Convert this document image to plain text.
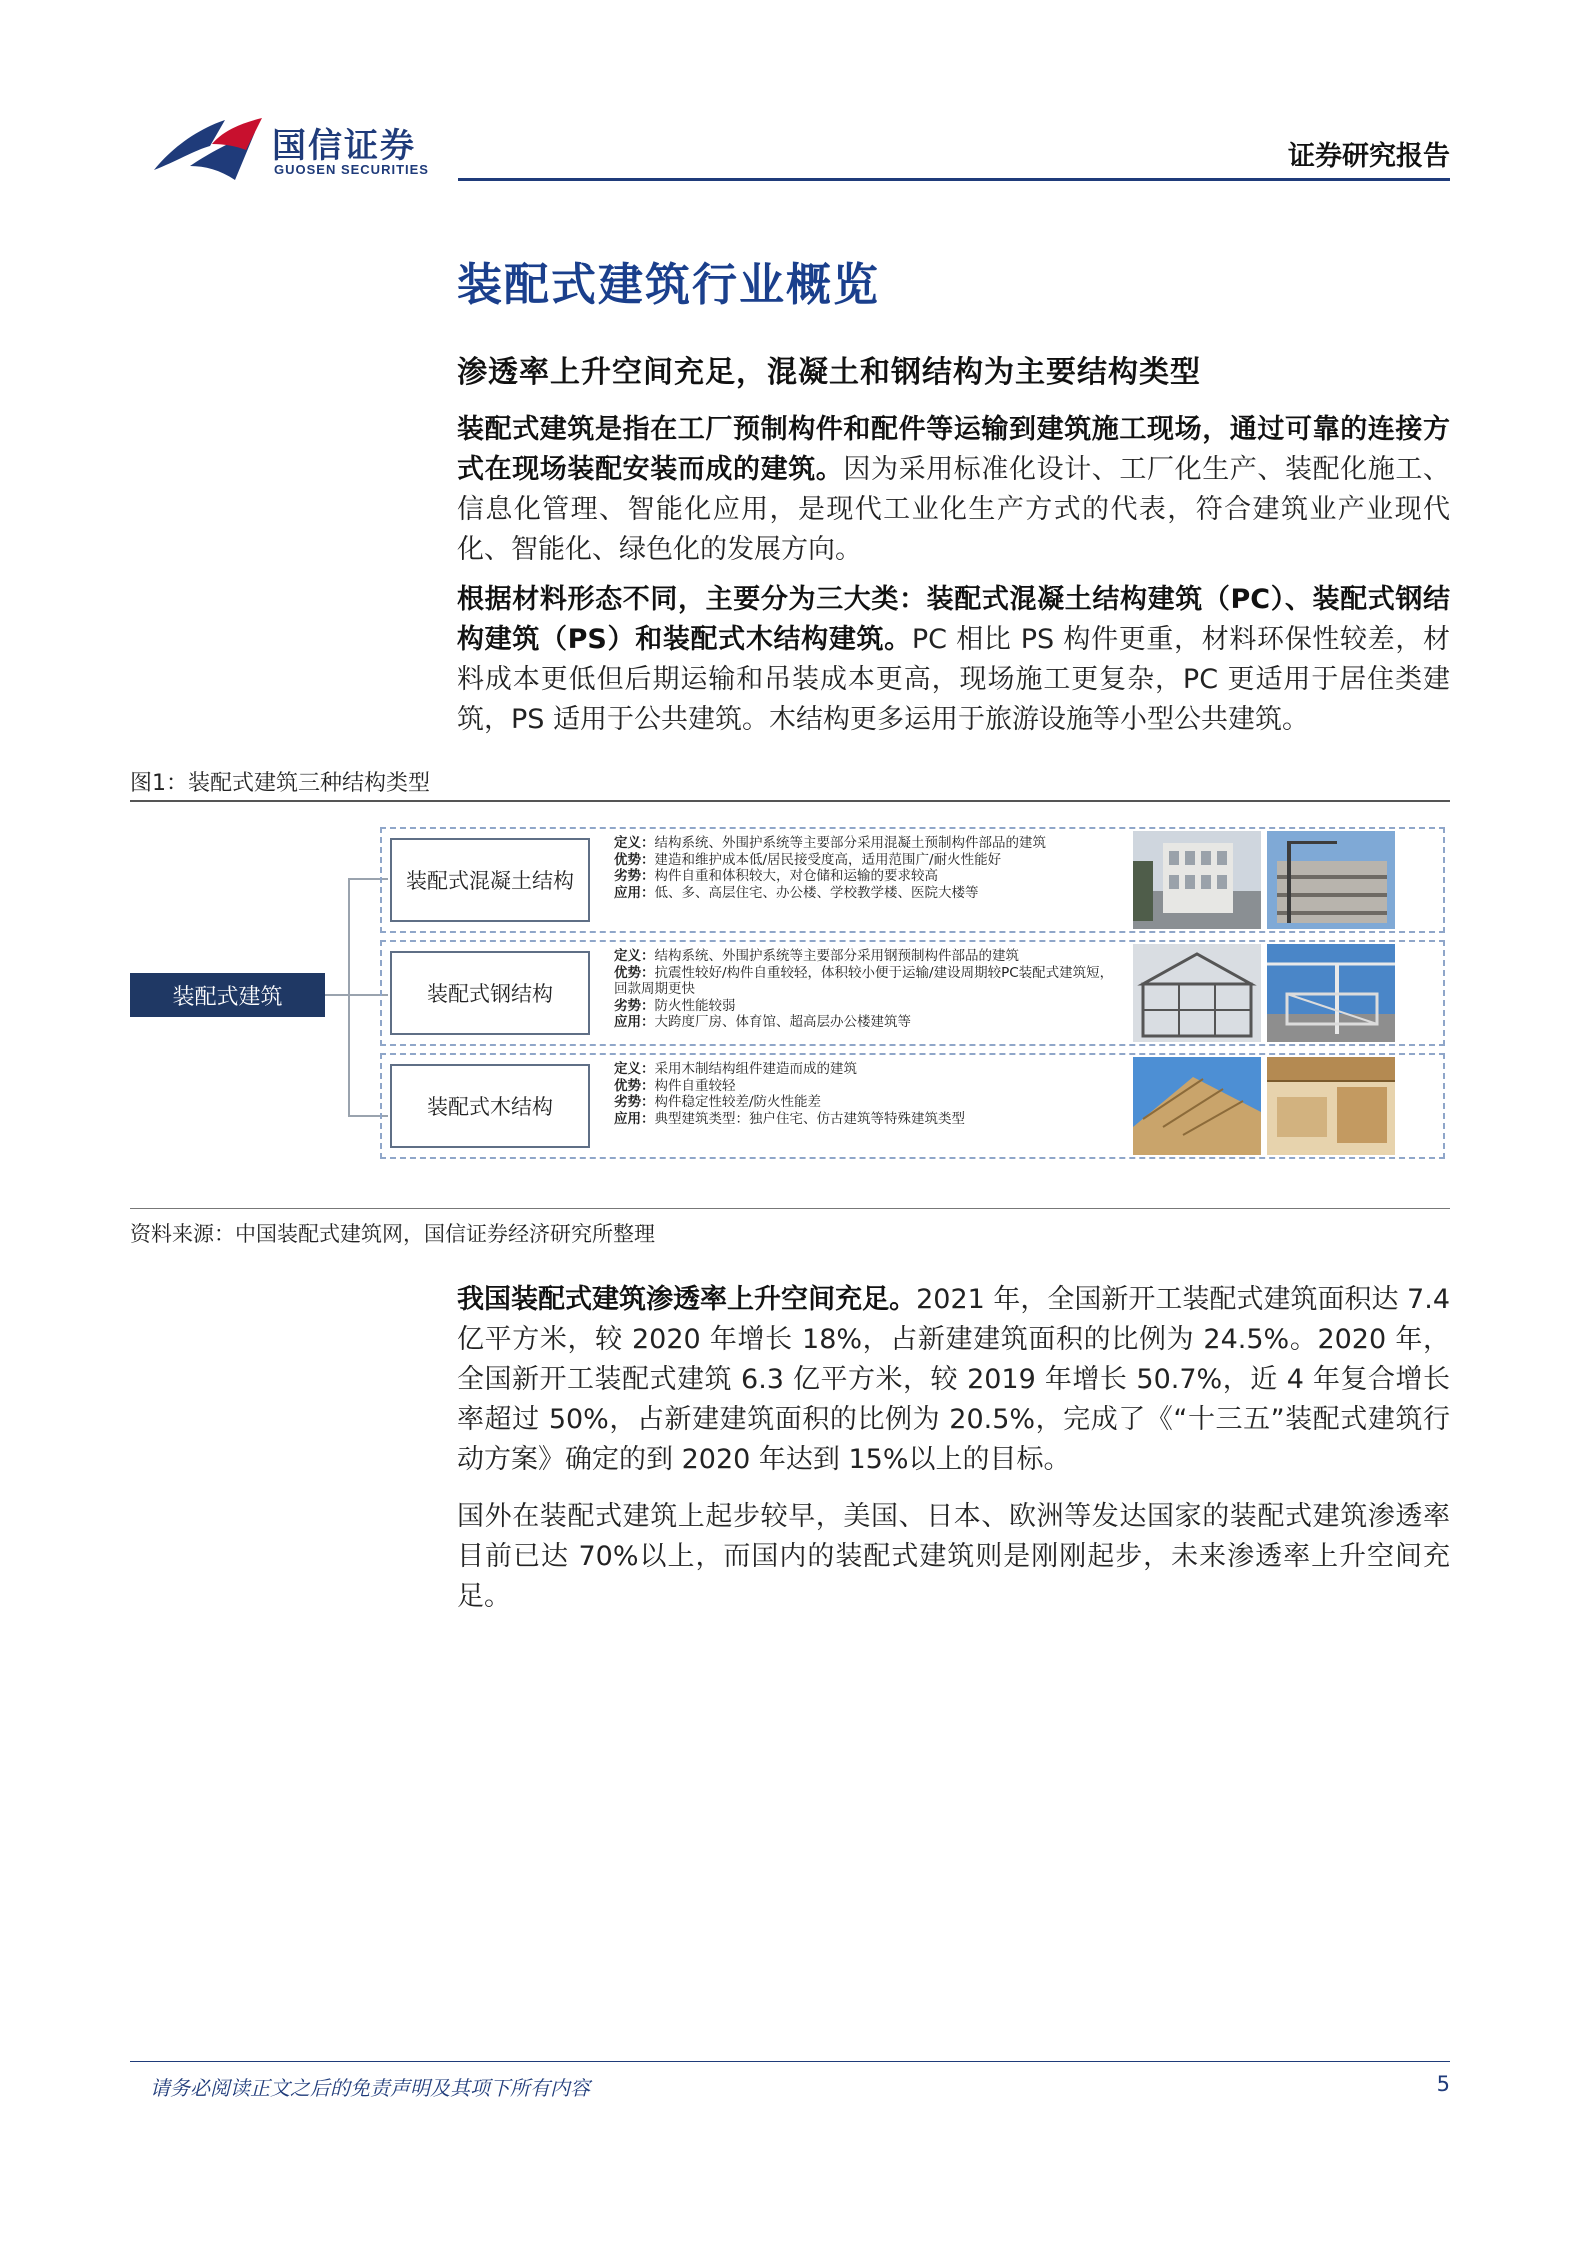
国信证券
GUOSEN SECURITIES	证券研究报告
装配式建筑行业概览
渗透率上升空间充足，混凝土和钢结构为主要结构类型
装配式建筑是指在工厂预制构件和配件等运输到建筑施工现场，通过可靠的连接方式在现场装配安装而成的建筑。因为采用标准化设计、工厂化生产、装配化施工、信息化管理、智能化应用，是现代工业化生产方式的代表，符合建筑业产业现代化、智能化、绿色化的发展方向。
根据材料形态不同，主要分为三大类：装配式混凝土结构建筑（PC）、装配式钢结构建筑（PS）和装配式木结构建筑。PC 相比 PS 构件更重，材料环保性较差，材料成本更低但后期运输和吊装成本更高，现场施工更复杂，PC 更适用于居住类建筑，PS 适用于公共建筑。木结构更多运用于旅游设施等小型公共建筑。
图1：装配式建筑三种结构类型
装配式建筑
装配式混凝土结构
定义：结构系统、外围护系统等主要部分采用混凝土预制构件部品的建筑
优势：建造和维护成本低/居民接受度高，适用范围广/耐火性能好
劣势：构件自重和体积较大，对仓储和运输的要求较高
应用：低、多、高层住宅、办公楼、学校教学楼、医院大楼等
装配式钢结构
定义：结构系统、外围护系统等主要部分采用钢预制构件部品的建筑
优势：抗震性较好/构件自重较轻，体积较小便于运输/建设周期较PC装配式建筑短，回款周期更快
劣势：防火性能较弱
应用：大跨度厂房、体育馆、超高层办公楼建筑等
装配式木结构
定义：采用木制结构组件建造而成的建筑
优势：构件自重较轻
劣势：构件稳定性较差/防火性能差
应用：典型建筑类型：独户住宅、仿古建筑等特殊建筑类型
资料来源：中国装配式建筑网，国信证券经济研究所整理
我国装配式建筑渗透率上升空间充足。2021 年，全国新开工装配式建筑面积达 7.4 亿平方米，较 2020 年增长 18%，占新建建筑面积的比例为 24.5%。2020 年，全国新开工装配式建筑 6.3 亿平方米，较 2019 年增长 50.7%，近 4 年复合增长率超过 50%，占新建建筑面积的比例为 20.5%，完成了《“十三五”装配式建筑行动方案》确定的到 2020 年达到 15%以上的目标。
国外在装配式建筑上起步较早，美国、日本、欧洲等发达国家的装配式建筑渗透率目前已达 70%以上，而国内的装配式建筑则是刚刚起步，未来渗透率上升空间充足。
请务必阅读正文之后的免责声明及其项下所有内容	5
